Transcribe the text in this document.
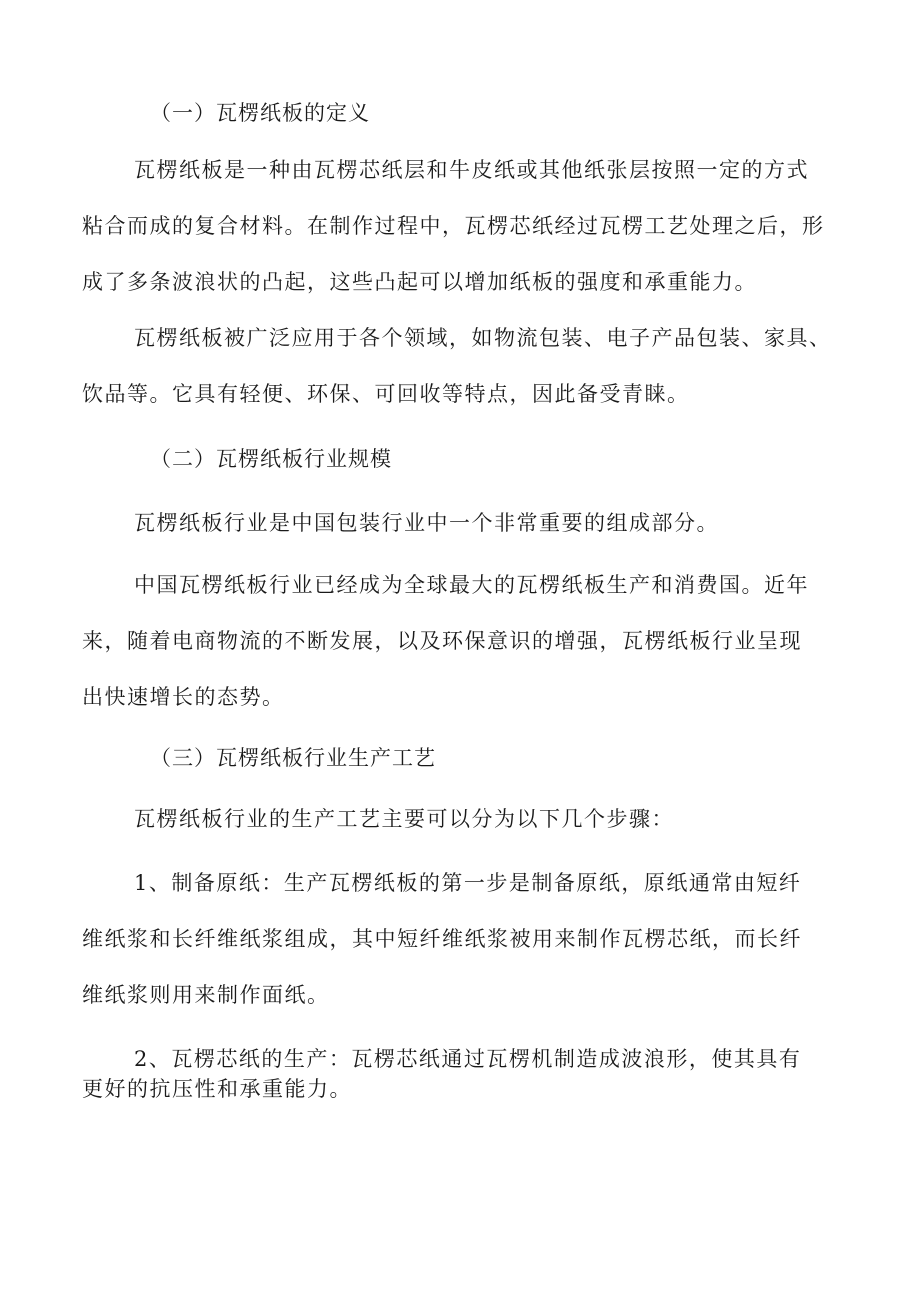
（一）瓦楞纸板的定义
瓦楞纸板是一种由瓦楞芯纸层和牛皮纸或其他纸张层按照一定的方式
粘合而成的复合材料。在制作过程中，瓦楞芯纸经过瓦楞工艺处理之后，形
成了多条波浪状的凸起，这些凸起可以增加纸板的强度和承重能力。
瓦楞纸板被广泛应用于各个领域，如物流包装、电子产品包装、家具、
饮品等。它具有轻便、环保、可回收等特点，因此备受青睐。
（二）瓦楞纸板行业规模
瓦楞纸板行业是中国包装行业中一个非常重要的组成部分。
中国瓦楞纸板行业已经成为全球最大的瓦楞纸板生产和消费国。近年
来，随着电商物流的不断发展，以及环保意识的增强，瓦楞纸板行业呈现
出快速增长的态势。
（三）瓦楞纸板行业生产工艺
瓦楞纸板行业的生产工艺主要可以分为以下几个步骤：
1、制备原纸：生产瓦楞纸板的第一步是制备原纸，原纸通常由短纤
维纸浆和长纤维纸浆组成，其中短纤维纸浆被用来制作瓦楞芯纸，而长纤
维纸浆则用来制作面纸。
2、瓦楞芯纸的生产：瓦楞芯纸通过瓦楞机制造成波浪形，使其具有
更好的抗压性和承重能力。
